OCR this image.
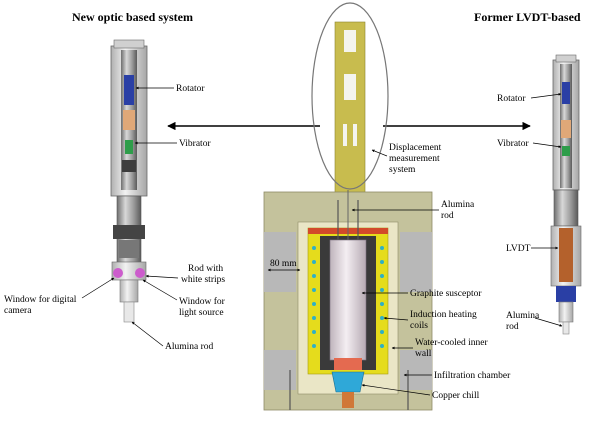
New optic based system	Former LVDT-based
Rotator
Vibrator
Rod with
white strips
Window for digital
camera
Window for
light source
Alumina rod
Displacement
measurement
system
80 mm
Alumina
rod
Graphite susceptor
Induction heating
coils
Water-cooled inner
wall
Infiltration chamber
Copper chill
Rotator
Vibrator
LVDT
Alumina
rod
